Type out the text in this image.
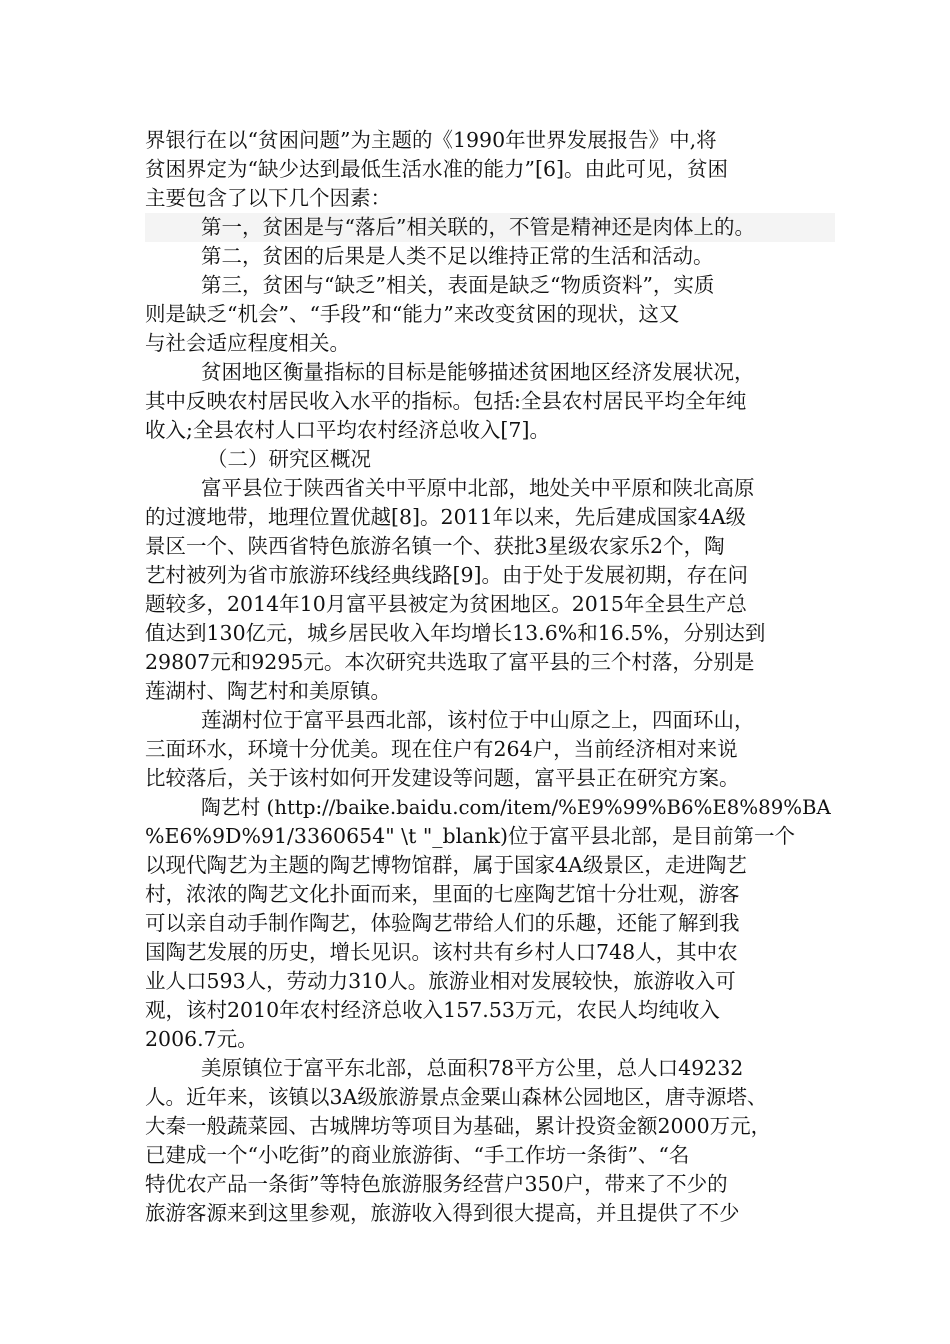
界银行在以“贫困问题”为主题的《1990年世界发展报告》中,将
贫困界定为“缺少达到最低生活水准的能力”[6]。由此可见，贫困
主要包含了以下几个因素：
第一，贫困是与“落后”相关联的，不管是精神还是肉体上的。
第二，贫困的后果是人类不足以维持正常的生活和活动。
第三，贫困与“缺乏”相关，表面是缺乏“物质资料”，实质
则是缺乏“机会”、“手段”和“能力”来改变贫困的现状，这又
与社会适应程度相关。
贫困地区衡量指标的目标是能够描述贫困地区经济发展状况，
其中反映农村居民收入水平的指标。包括:全县农村居民平均全年纯
收入;全县农村人口平均农村经济总收入[7]。
（二）研究区概况
富平县位于陕西省关中平原中北部，地处关中平原和陕北高原
的过渡地带，地理位置优越[8]。2011年以来，先后建成国家4A级
景区一个、陕西省特色旅游名镇一个、获批3星级农家乐2个，陶
艺村被列为省市旅游环线经典线路[9]。由于处于发展初期，存在问
题较多，2014年10月富平县被定为贫困地区。2015年全县生产总
值达到130亿元，城乡居民收入年均增长13.6%和16.5%，分别达到
29807元和9295元。本次研究共选取了富平县的三个村落，分别是
莲湖村、陶艺村和美原镇。
莲湖村位于富平县西北部，该村位于中山原之上，四面环山，
三面环水，环境十分优美。现在住户有264户，当前经济相对来说
比较落后，关于该村如何开发建设等问题，富平县正在研究方案。
陶艺村 (http://baike.baidu.com/item/%E9%99%B6%E8%89%BA
%E6%9D%91/3360654" \t "_blank)位于富平县北部，是目前第一个
以现代陶艺为主题的陶艺博物馆群，属于国家4A级景区，走进陶艺
村，浓浓的陶艺文化扑面而来，里面的七座陶艺馆十分壮观，游客
可以亲自动手制作陶艺，体验陶艺带给人们的乐趣，还能了解到我
国陶艺发展的历史，增长见识。该村共有乡村人口748人，其中农
业人口593人，劳动力310人。旅游业相对发展较快，旅游收入可
观，该村2010年农村经济总收入157.53万元，农民人均纯收入
2006.7元。
美原镇位于富平东北部，总面积78平方公里，总人口49232
人。近年来，该镇以3A级旅游景点金粟山森林公园地区，唐寺源塔、
大秦一般蔬菜园、古城牌坊等项目为基础，累计投资金额2000万元，
已建成一个“小吃街”的商业旅游街、“手工作坊一条街”、“名
特优农产品一条街”等特色旅游服务经营户350户，带来了不少的
旅游客源来到这里参观，旅游收入得到很大提高，并且提供了不少
